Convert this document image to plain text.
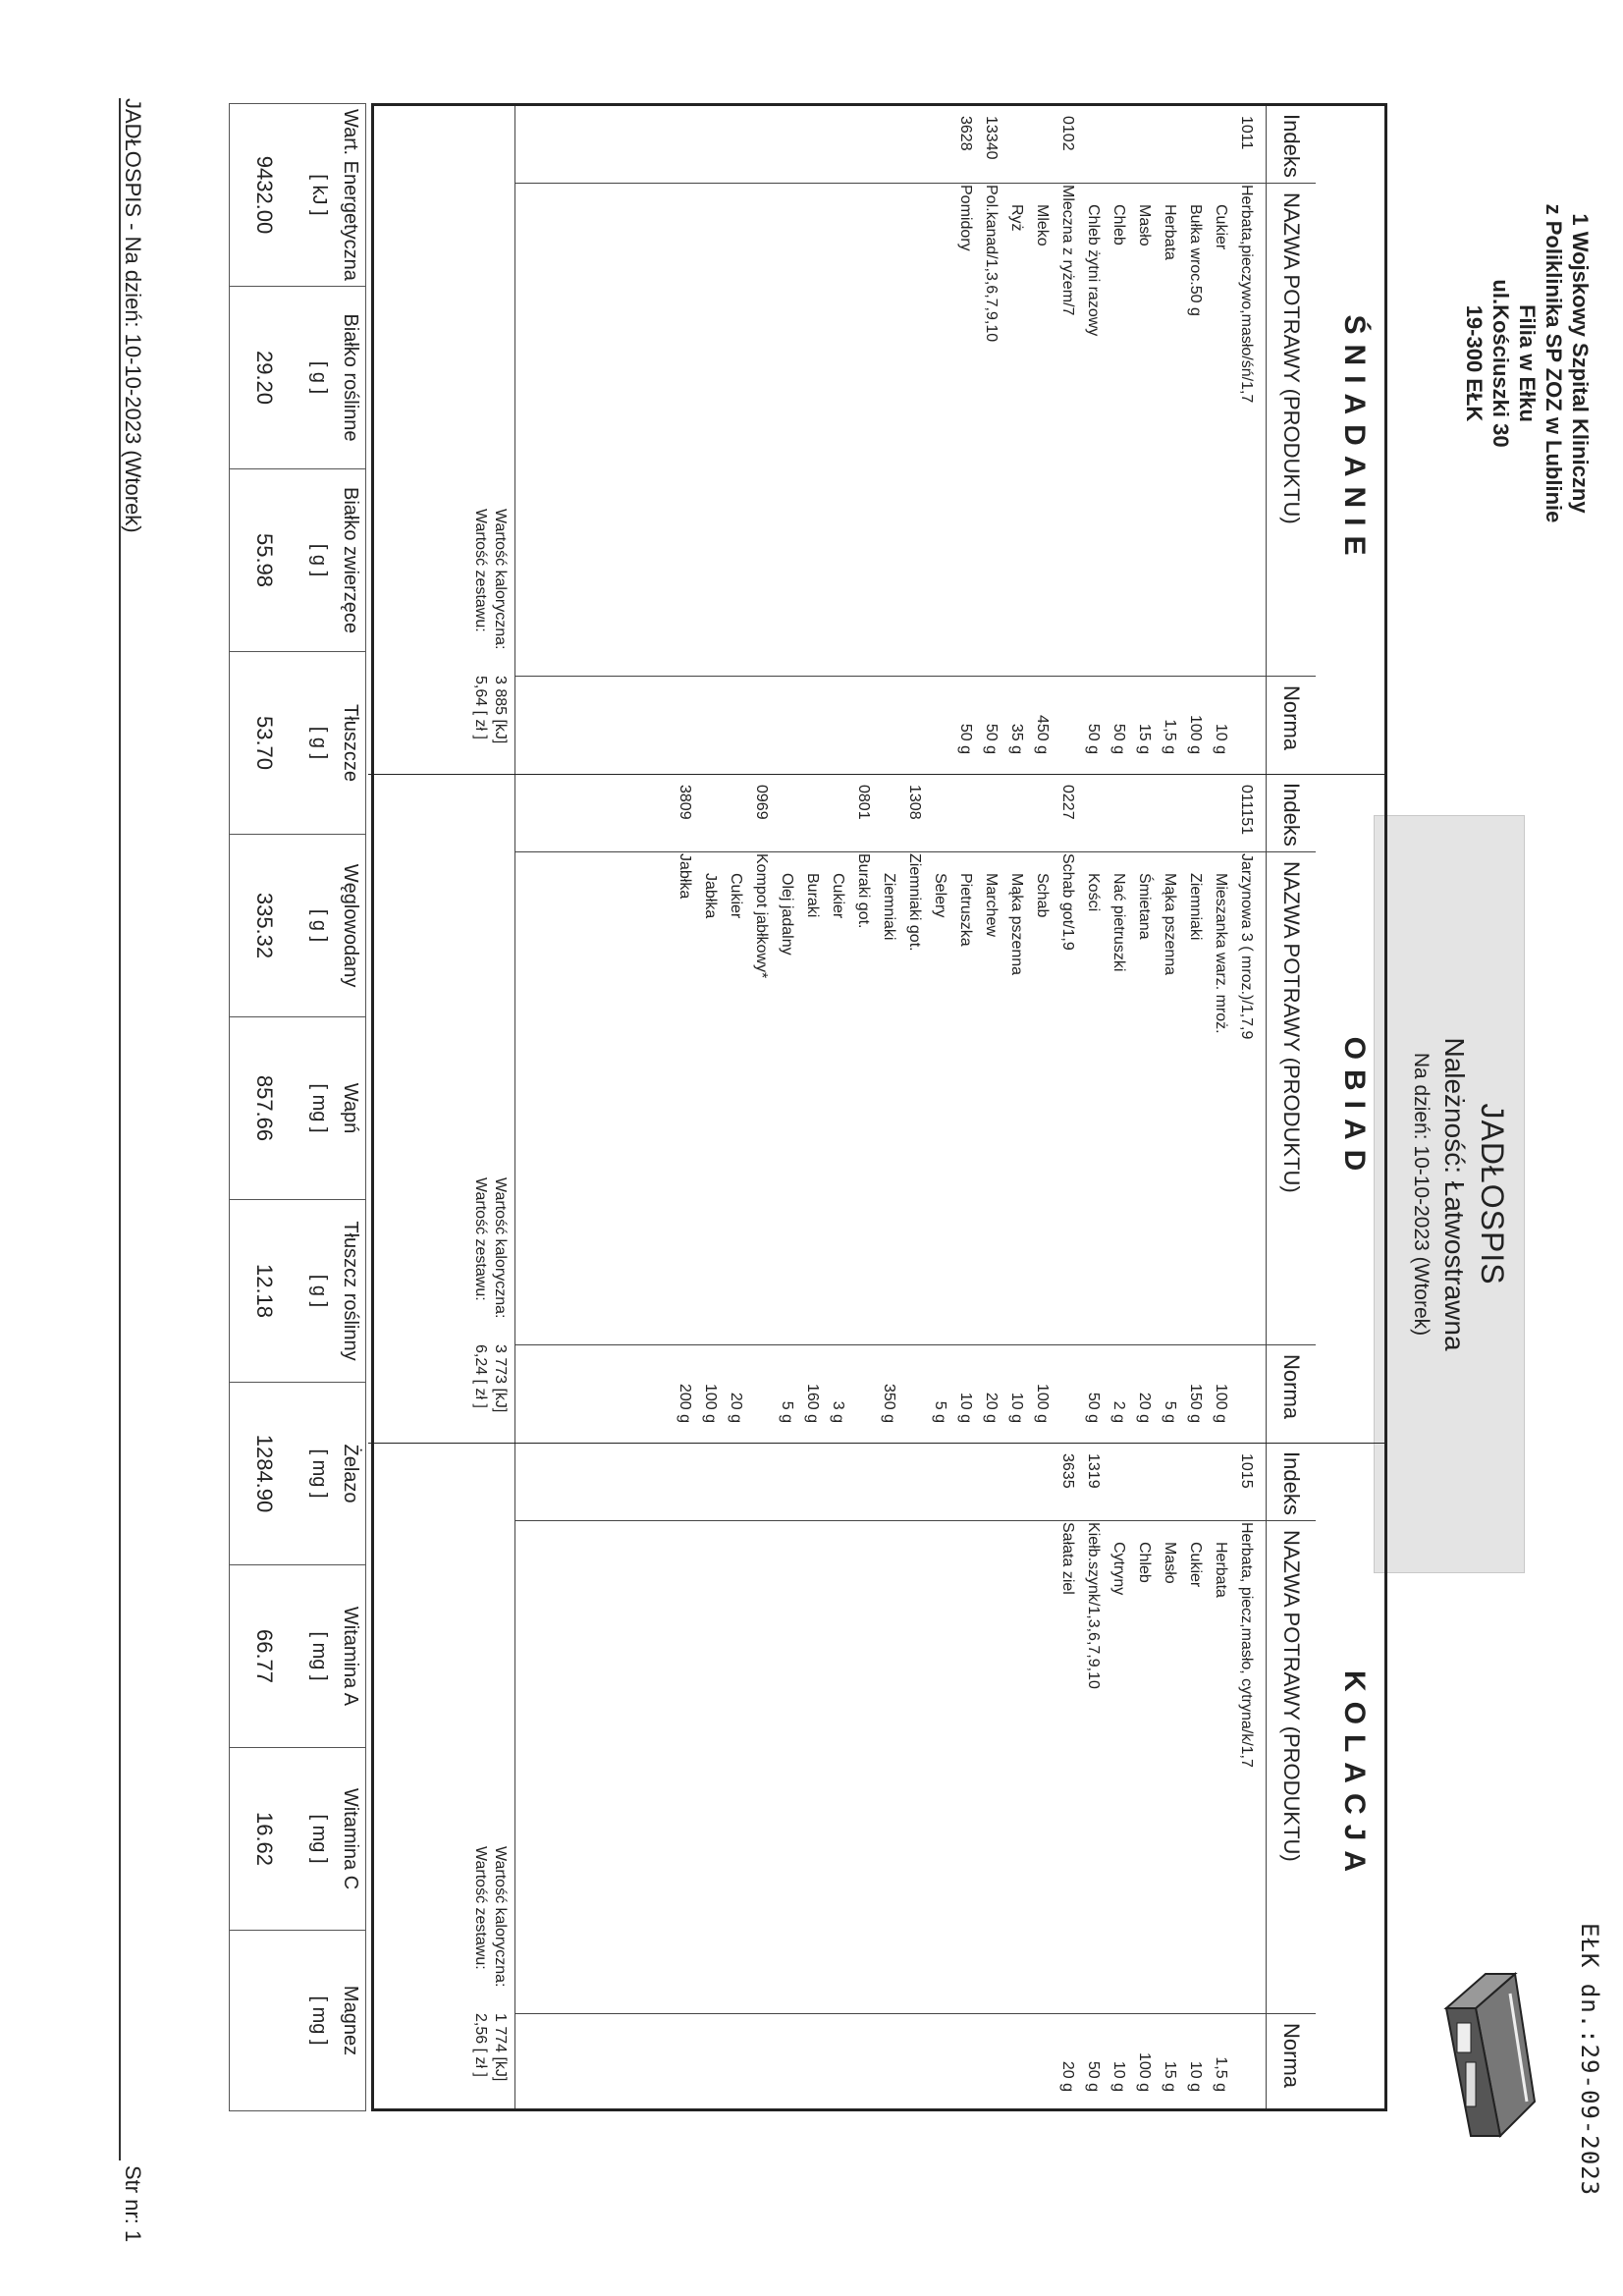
1 Wojskowy Szpital Kliniczny
z Poliklinika SP ZOZ w Lublinie
Filia w Ełku
ul.Kościuszki 30
19-300 EŁK
JADŁOSPIS
Należność: Łatwostrawna
Na dzień: 10-10-2023 (Wtorek)
EŁK dn.:29-09-2023
ŚNIADANIE
Indeks
NAZWA POTRAWY (PRODUKTU)
Norma
1011Herbata,pieczywo,masło/śń/1,7
Cukier
10 g
Bułka wroc.50 g
100 g
Herbata
1,5 g
Masło
15 g
Chleb
50 g
Chleb żytni razowy
50 g
0102Mleczna z ryżem/7
Mleko
450 g
Ryż
35 g
13340Pol.kanad/1,3,6,7,9,10
50 g
3628Pomidory
50 g
Wartość kaloryczna:
3 885 [kJ]
Wartość zestawu:
5,64 [ zł ]
OBIAD
Indeks
NAZWA POTRAWY (PRODUKTU)
Norma
011151Jarzynowa 3 ( mroz.)/1,7,9
Mieszanka warz. mroż.
100 g
Ziemniaki
150 g
Mąka pszenna
5 g
Śmietana
20 g
Nać pietruszki
2 g
Kości
50 g
0227Schab got/1,9
Schab
100 g
Mąka pszenna
10 g
Marchew
20 g
Pietruszka
10 g
Selery
5 g
1308Ziemniaki got.
Ziemniaki
350 g
0801Buraki got.
Cukier
3 g
Buraki
160 g
Olej jadalny
5 g
0969Kompot jabłkowy*
Cukier
20 g
Jabłka
100 g
3809Jabłka
200 g
Wartość kaloryczna:
3 773 [kJ]
Wartość zestawu:
6,24 [ zł ]
KOLACJA
Indeks
NAZWA POTRAWY (PRODUKTU)
Norma
1015Herbata, piecz,masło, cytryna/k/1,7
Herbata
1,5 g
Cukier
10 g
Masło
15 g
Chleb
100 g
Cytryny
10 g
1319Kiełb.szynk/1,3,6,7,9,10
50 g
3635Sałata ziel
20 g
Wartość kaloryczna:
1 774 [kJ]
Wartość zestawu:
2,56 [ zł ]
Wart. Energetyczna
[ kJ ]
9432.00
Białko roślinne
[ g ]
29.20
Białko zwierzęce
[ g ]
55.98
Tłuszcze
[ g ]
53.70
Węglowodany
[ g ]
335.32
Wapń
[ mg ]
857.66
Tłuszcz roślinny
[ g ]
12.18
Żelazo
[ mg ]
1284.90
Witamina A
[ mg ]
66.77
Witamina C
[ mg ]
16.62
Magnez
[ mg ]
JADŁOSPIS - Na dzień: 10-10-2023 (Wtorek)
Str nr: 1
